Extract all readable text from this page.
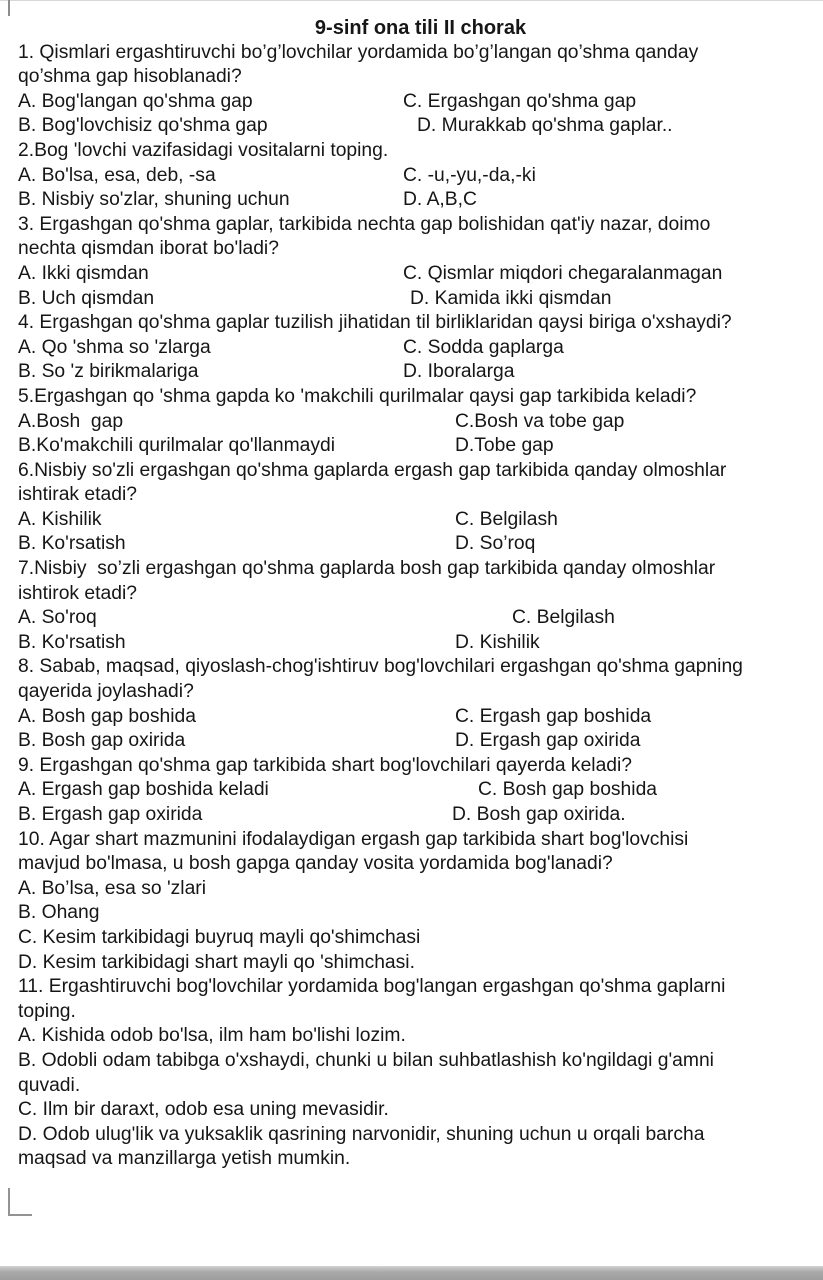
9-sinf ona tili II chorak
1. Qismlari ergashtiruvchi bo’g’lovchilar yordamida bo’g’langan qo’shma qanday
qo’shma gap hisoblanadi?
A. Bog'langan qo'shma gap	C. Ergashgan qo'shma gap
B. Bog'lovchisiz qo'shma gap	D. Murakkab qo'shma gaplar..
2.Bog 'lovchi vazifasidagi vositalarni toping.
A. Bo'lsa, esa, deb, -sa	C. -u,-yu,-da,-ki
B. Nisbiy so'zlar, shuning uchun	D. A,B,C
3. Ergashgan qo'shma gaplar, tarkibida nechta gap bolishidan qat'iy nazar, doimo
nechta qismdan iborat bo'ladi?
A. Ikki qismdan	C. Qismlar miqdori chegaralanmagan
B. Uch qismdan	D. Kamida ikki qismdan
4. Ergashgan qo'shma gaplar tuzilish jihatidan til birliklaridan qaysi biriga o'xshaydi?
A. Qo 'shma so 'zlarga	C. Sodda gaplarga
B. So 'z birikmalariga	D. Iboralarga
5.Ergashgan qo 'shma gapda ko 'makchili qurilmalar qaysi gap tarkibida keladi?
A.Bosh  gap	C.Bosh va tobe gap
B.Ko'makchili qurilmalar qo'llanmaydi	D.Tobe gap
6.Nisbiy so'zli ergashgan qo'shma gaplarda ergash gap tarkibida qanday olmoshlar
ishtirak etadi?
A. Kishilik	C. Belgilash
B. Ko'rsatish	D. So’roq
7.Nisbiy  so’zli ergashgan qo'shma gaplarda bosh gap tarkibida qanday olmoshlar
ishtirok etadi?
A. So'roq	C. Belgilash
B. Ko'rsatish	D. Kishilik
8. Sabab, maqsad, qiyoslash-chog'ishtiruv bog'lovchilari ergashgan qo'shma gapning
qayerida joylashadi?
A. Bosh gap boshida	C. Ergash gap boshida
B. Bosh gap oxirida	D. Ergash gap oxirida
9. Ergashgan qo'shma gap tarkibida shart bog'lovchilari qayerda keladi?
A. Ergash gap boshida keladi	C. Bosh gap boshida
B. Ergash gap oxirida	D. Bosh gap oxirida.
10. Agar shart mazmunini ifodalaydigan ergash gap tarkibida shart bog'lovchisi
mavjud bo'lmasa, u bosh gapga qanday vosita yordamida bog'lanadi?
A. Bo’lsa, esa so 'zlari
B. Ohang
C. Kesim tarkibidagi buyruq mayli qo'shimchasi
D. Kesim tarkibidagi shart mayli qo 'shimchasi.
11. Ergashtiruvchi bog'lovchilar yordamida bog'langan ergashgan qo'shma gaplarni
toping.
A. Kishida odob bo'lsa, ilm ham bo'lishi lozim.
B. Odobli odam tabibga o'xshaydi, chunki u bilan suhbatlashish ko'ngildagi g'amni
quvadi.
C. Ilm bir daraxt, odob esa uning mevasidir.
D. Odob ulug'lik va yuksaklik qasrining narvonidir, shuning uchun u orqali barcha
maqsad va manzillarga yetish mumkin.
